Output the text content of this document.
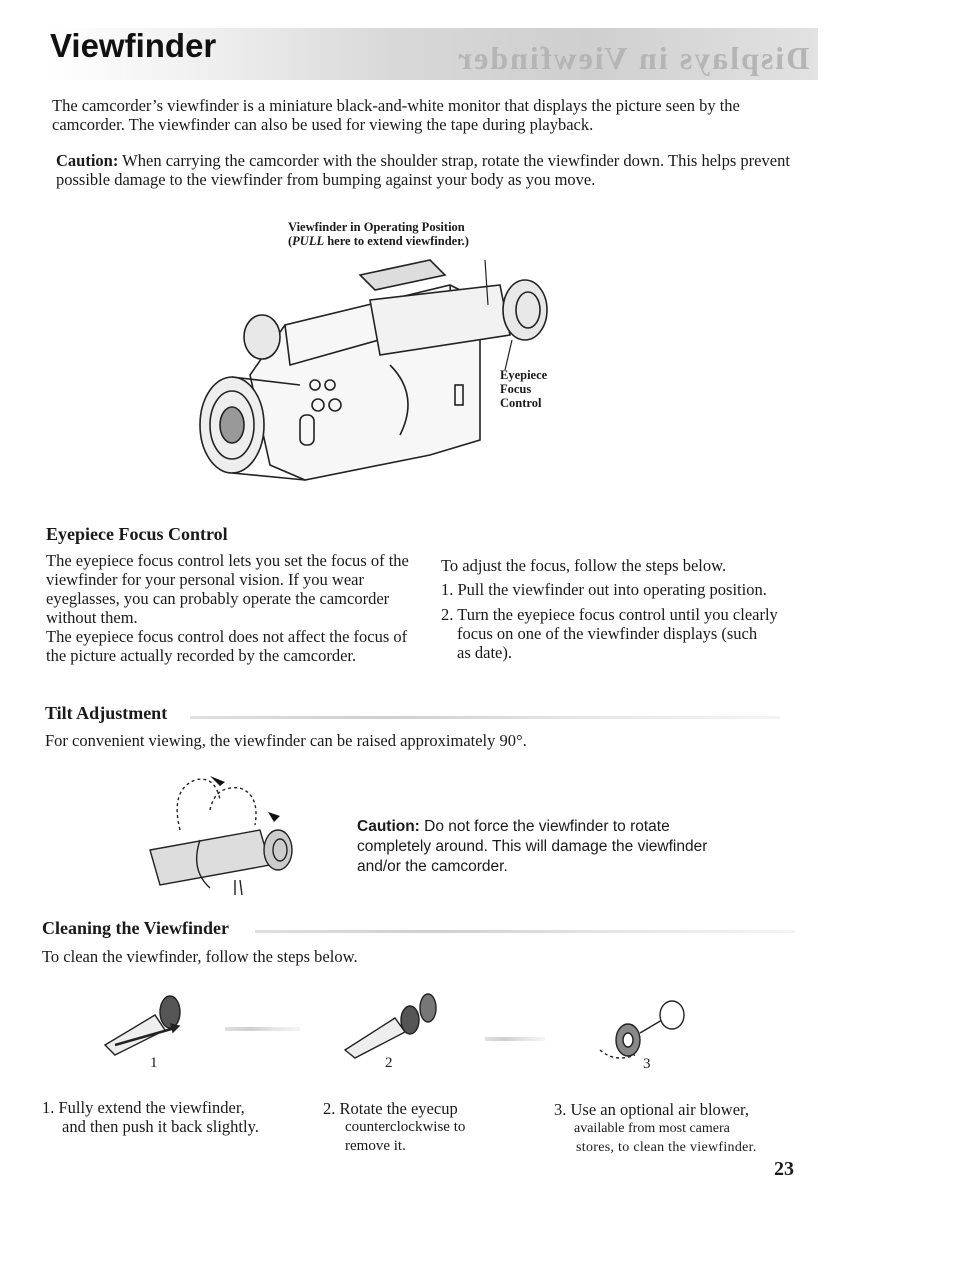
Displays in Viewfinder
Viewfinder
The camcorder’s viewfinder is a miniature black-and-white monitor that displays the picture seen by the camcorder. The viewfinder can also be used for viewing the tape during playback.
Caution: When carrying the camcorder with the shoulder strap, rotate the viewfinder down. This helps prevent possible damage to the viewfinder from bumping against your body as you move.
Viewfinder in Operating Position
(PULL here to extend viewfinder.)
Eyepiece
Focus
Control
Eyepiece Focus Control
The eyepiece focus control lets you set the focus of the viewfinder for your personal vision. If you wear eyeglasses, you can probably operate the camcorder without them.
The eyepiece focus control does not affect the focus of the picture actually recorded by the camcorder.
To adjust the focus, follow the steps below.
1. Pull the viewfinder out into operating position.
2. Turn the eyepiece focus control until you clearly
focus on one of the viewfinder displays (such
as date).
Tilt Adjustment
For convenient viewing, the viewfinder can be raised approximately 90°.
Caution: Do not force the viewfinder to rotate
completely around. This will damage the viewfinder
and/or the camcorder.
Cleaning the Viewfinder
To clean the viewfinder, follow the steps below.
1	2	3
1. Fully extend the viewfinder,
and then push it back slightly.
2. Rotate the eyecup
counterclockwise to
remove it.
3. Use an optional air blower,
available from most camera
stores, to clean the viewfinder.
23
